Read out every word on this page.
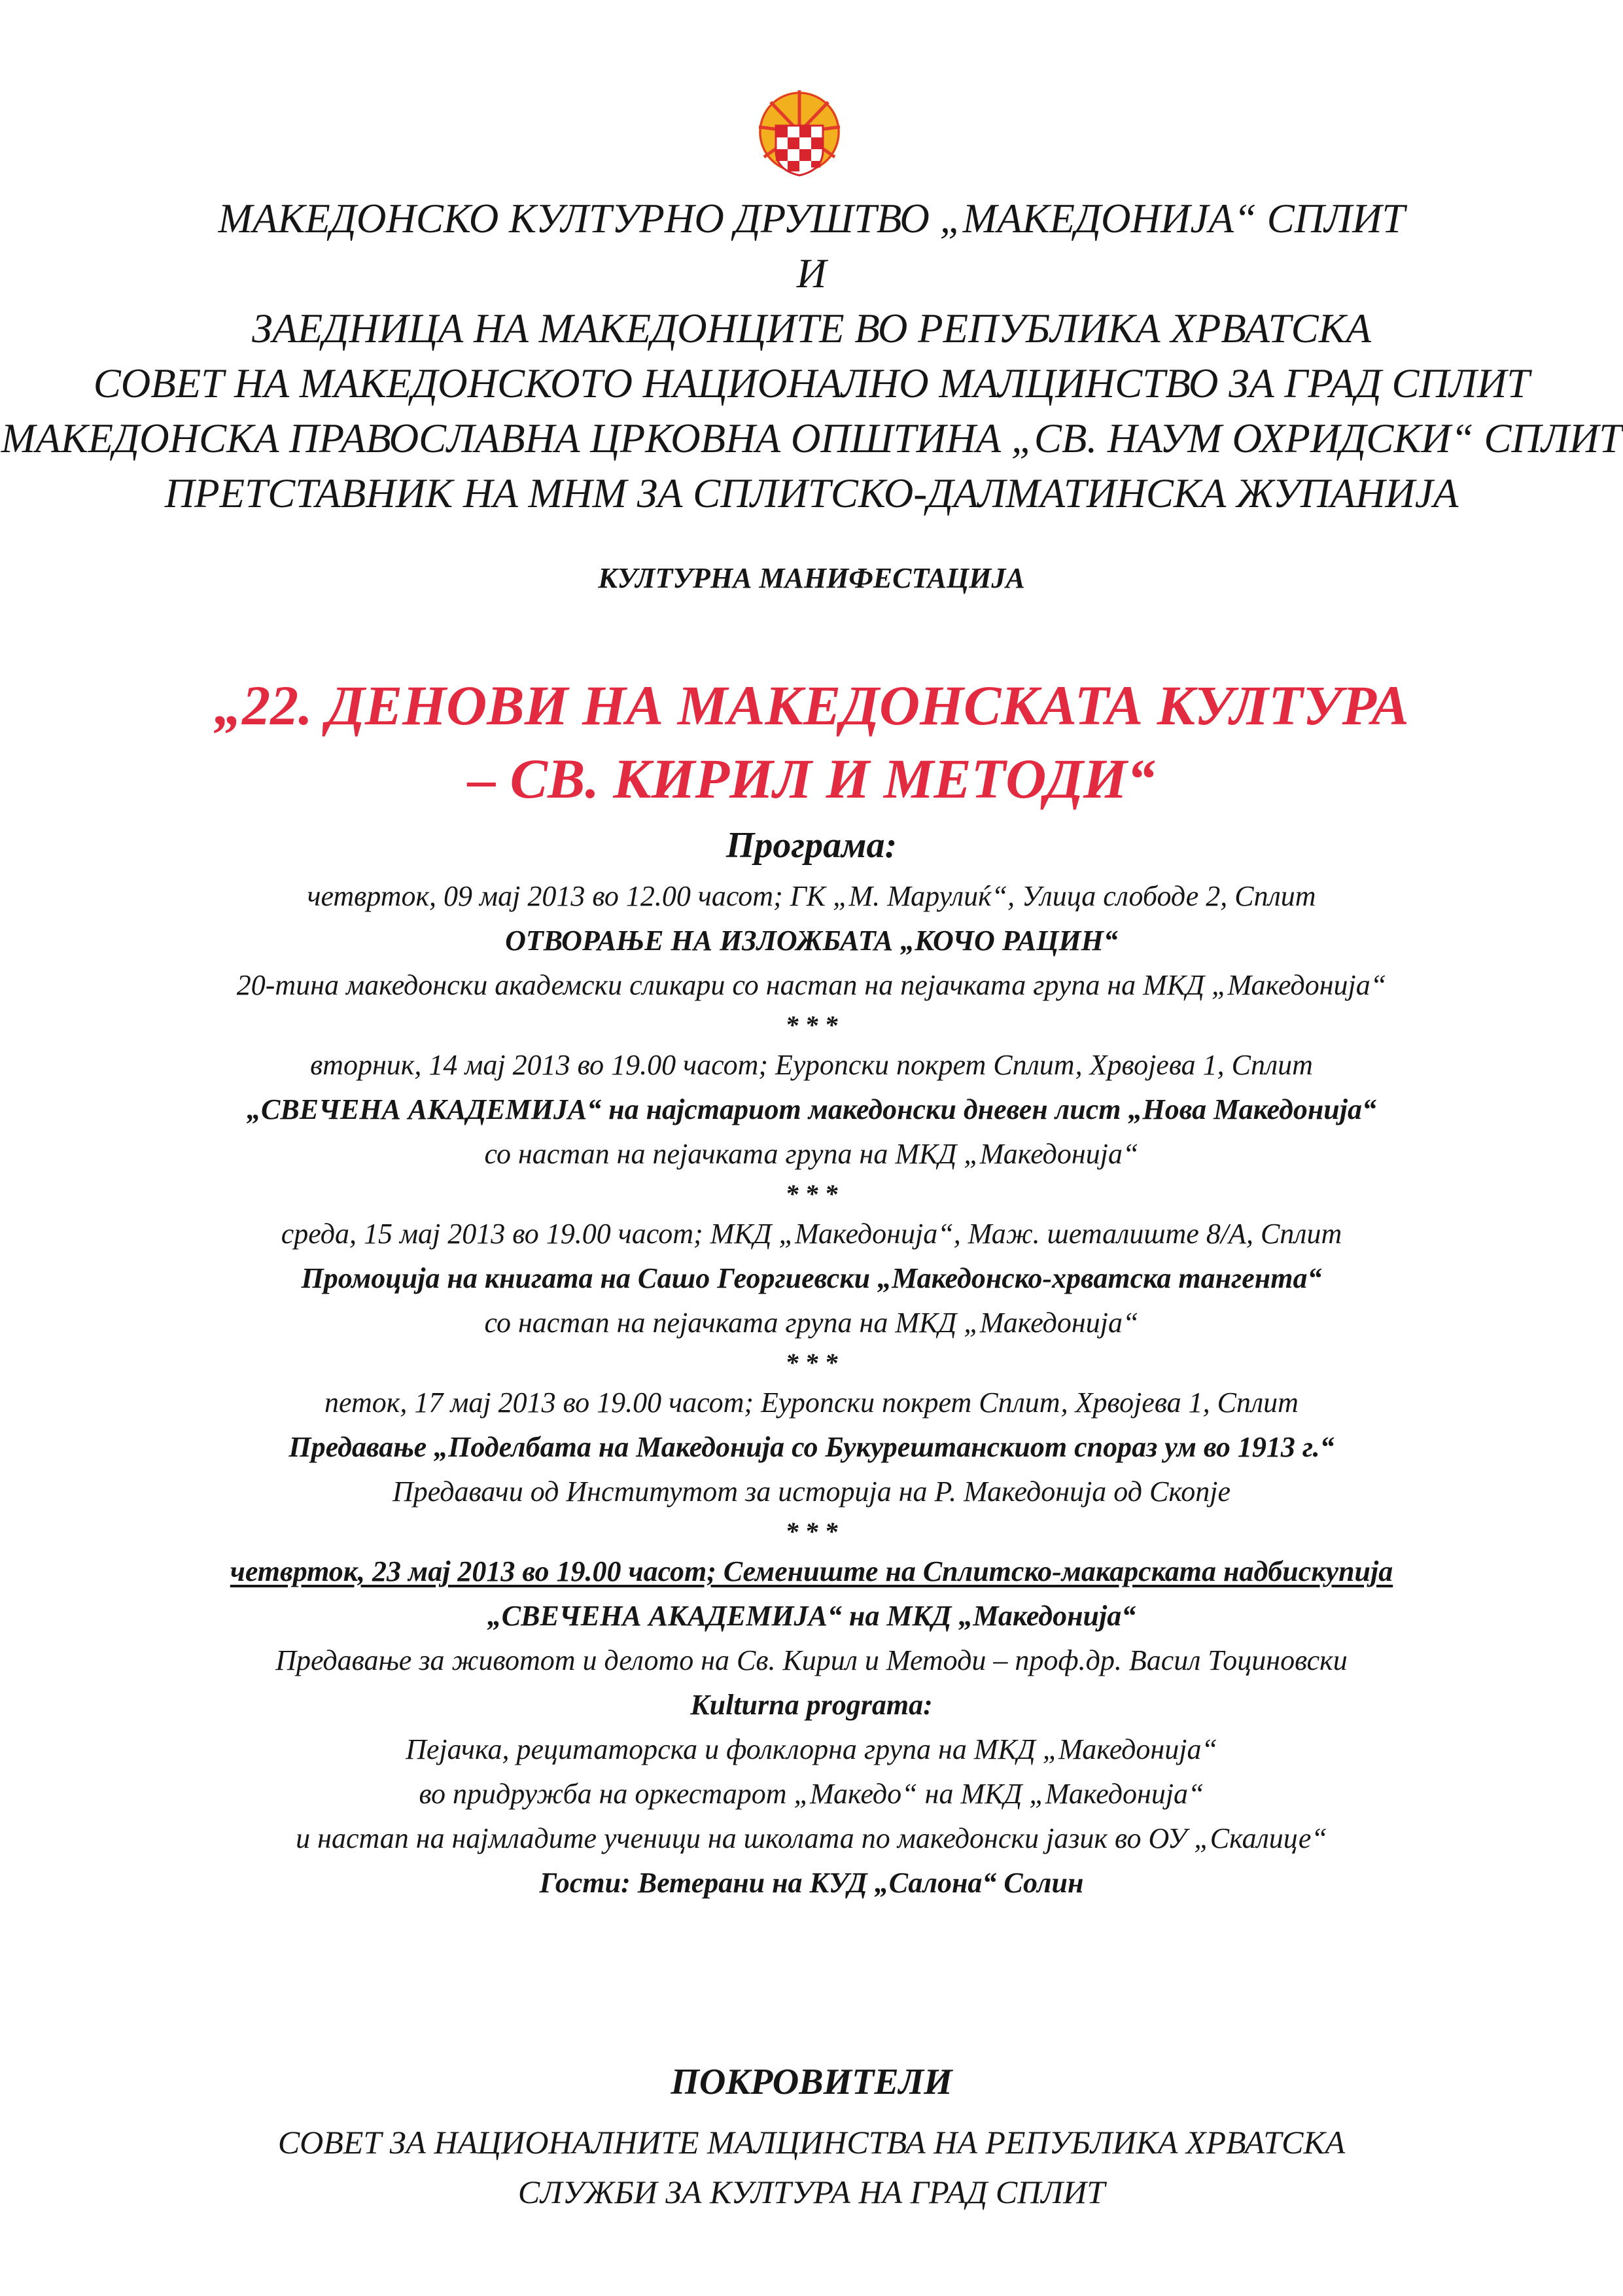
МАКЕДОНСКО КУЛТУРНО ДРУШТВО „МАКЕДОНИЈА“ СПЛИТ
И
ЗАЕДНИЦА НА МАКЕДОНЦИТЕ ВО РЕПУБЛИКА ХРВАТСКА
СОВЕТ НА МАКЕДОНСКОТО НАЦИОНАЛНО МАЛЦИНСТВО ЗА ГРАД СПЛИТ
МАКЕДОНСКА ПРАВОСЛАВНА ЦРКОВНА ОПШТИНА „СВ. НАУМ ОХРИДСКИ“ СПЛИТ
ПРЕТСТАВНИК НА МНМ ЗА СПЛИТСКО-ДАЛМАТИНСКА ЖУПАНИЈА
КУЛТУРНА МАНИФЕСТАЦИЈА
„22. ДЕНОВИ НА МАКЕДОНСКАТА КУЛТУРА
– СВ. КИРИЛ И МЕТОДИ“
Програма:
четврток, 09 мај 2013 во 12.00 часот; ГК „М. Марулиќ“, Улица слободе 2, Сплит
ОТВОРАЊЕ НА ИЗЛОЖБАТА „КОЧО РАЦИН“
20-тина македонски академски сликари со настап на пејачката група на МКД „Македонија“
* * *
вторник, 14 мај 2013 во 19.00 часот; Еуропски покрет Сплит, Хрвојева 1, Сплит
„СВЕЧЕНА АКАДЕМИЈА“ на најстариот македонски дневен лист „Нова Македонија“
со настап на пејачката група на МКД „Македонија“
* * *
среда, 15 мај 2013 во 19.00 часот; МКД „Македонија“, Маж. шеталиште 8/А, Сплит
Промоција на книгата на Сашо Георгиевски „Македонско-хрватска тангента“
со настап на пејачката група на МКД „Македонија“
* * *
петок, 17 мај 2013 во 19.00 часот; Еуропски покрет Сплит, Хрвојева 1, Сплит
Предавање „Поделбата на Македонија со Букурештанскиот спораз ум во 1913 г.“
Предавачи од Институтот за историја на Р. Македонија од Скопје
* * *
четврток, 23 мај 2013 во 19.00 часот; Семениште на Сплитско-макарската надбискупија
„СВЕЧЕНА АКАДЕМИЈА“ на МКД „Македонија“
Предавање за животот и делото на Св. Кирил и Методи – проф.др. Васил Тоциновски
Kulturna programa:
Пејачка, рецитаторска и фолклорна група на МКД „Македонија“
во придружба на оркестарот „Македо“ на МКД „Македонија“
и настап на најмладите ученици на школата по македонски јазик во ОУ „Скалице“
Гости: Ветерани на КУД „Салона“ Солин
ПОКРОВИТЕЛИ
СОВЕТ ЗА НАЦИОНАЛНИТЕ МАЛЦИНСТВА НА РЕПУБЛИКА ХРВАТСКА
СЛУЖБИ ЗА КУЛТУРА НА ГРАД СПЛИТ
